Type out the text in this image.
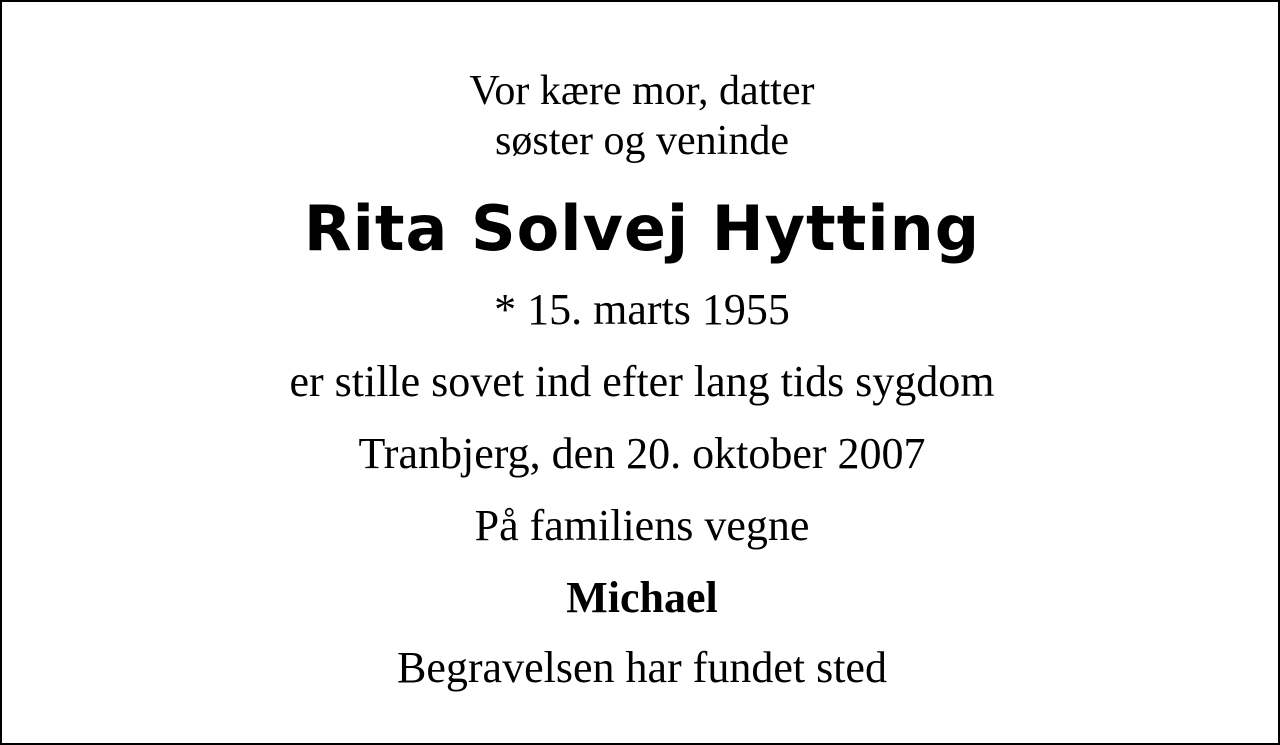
Vor kære mor, datter
søster og veninde
Rita Solvej Hytting
* 15. marts 1955
er stille sovet ind efter lang tids sygdom
Tranbjerg, den 20. oktober 2007
På familiens vegne
Michael
Begravelsen har fundet sted
